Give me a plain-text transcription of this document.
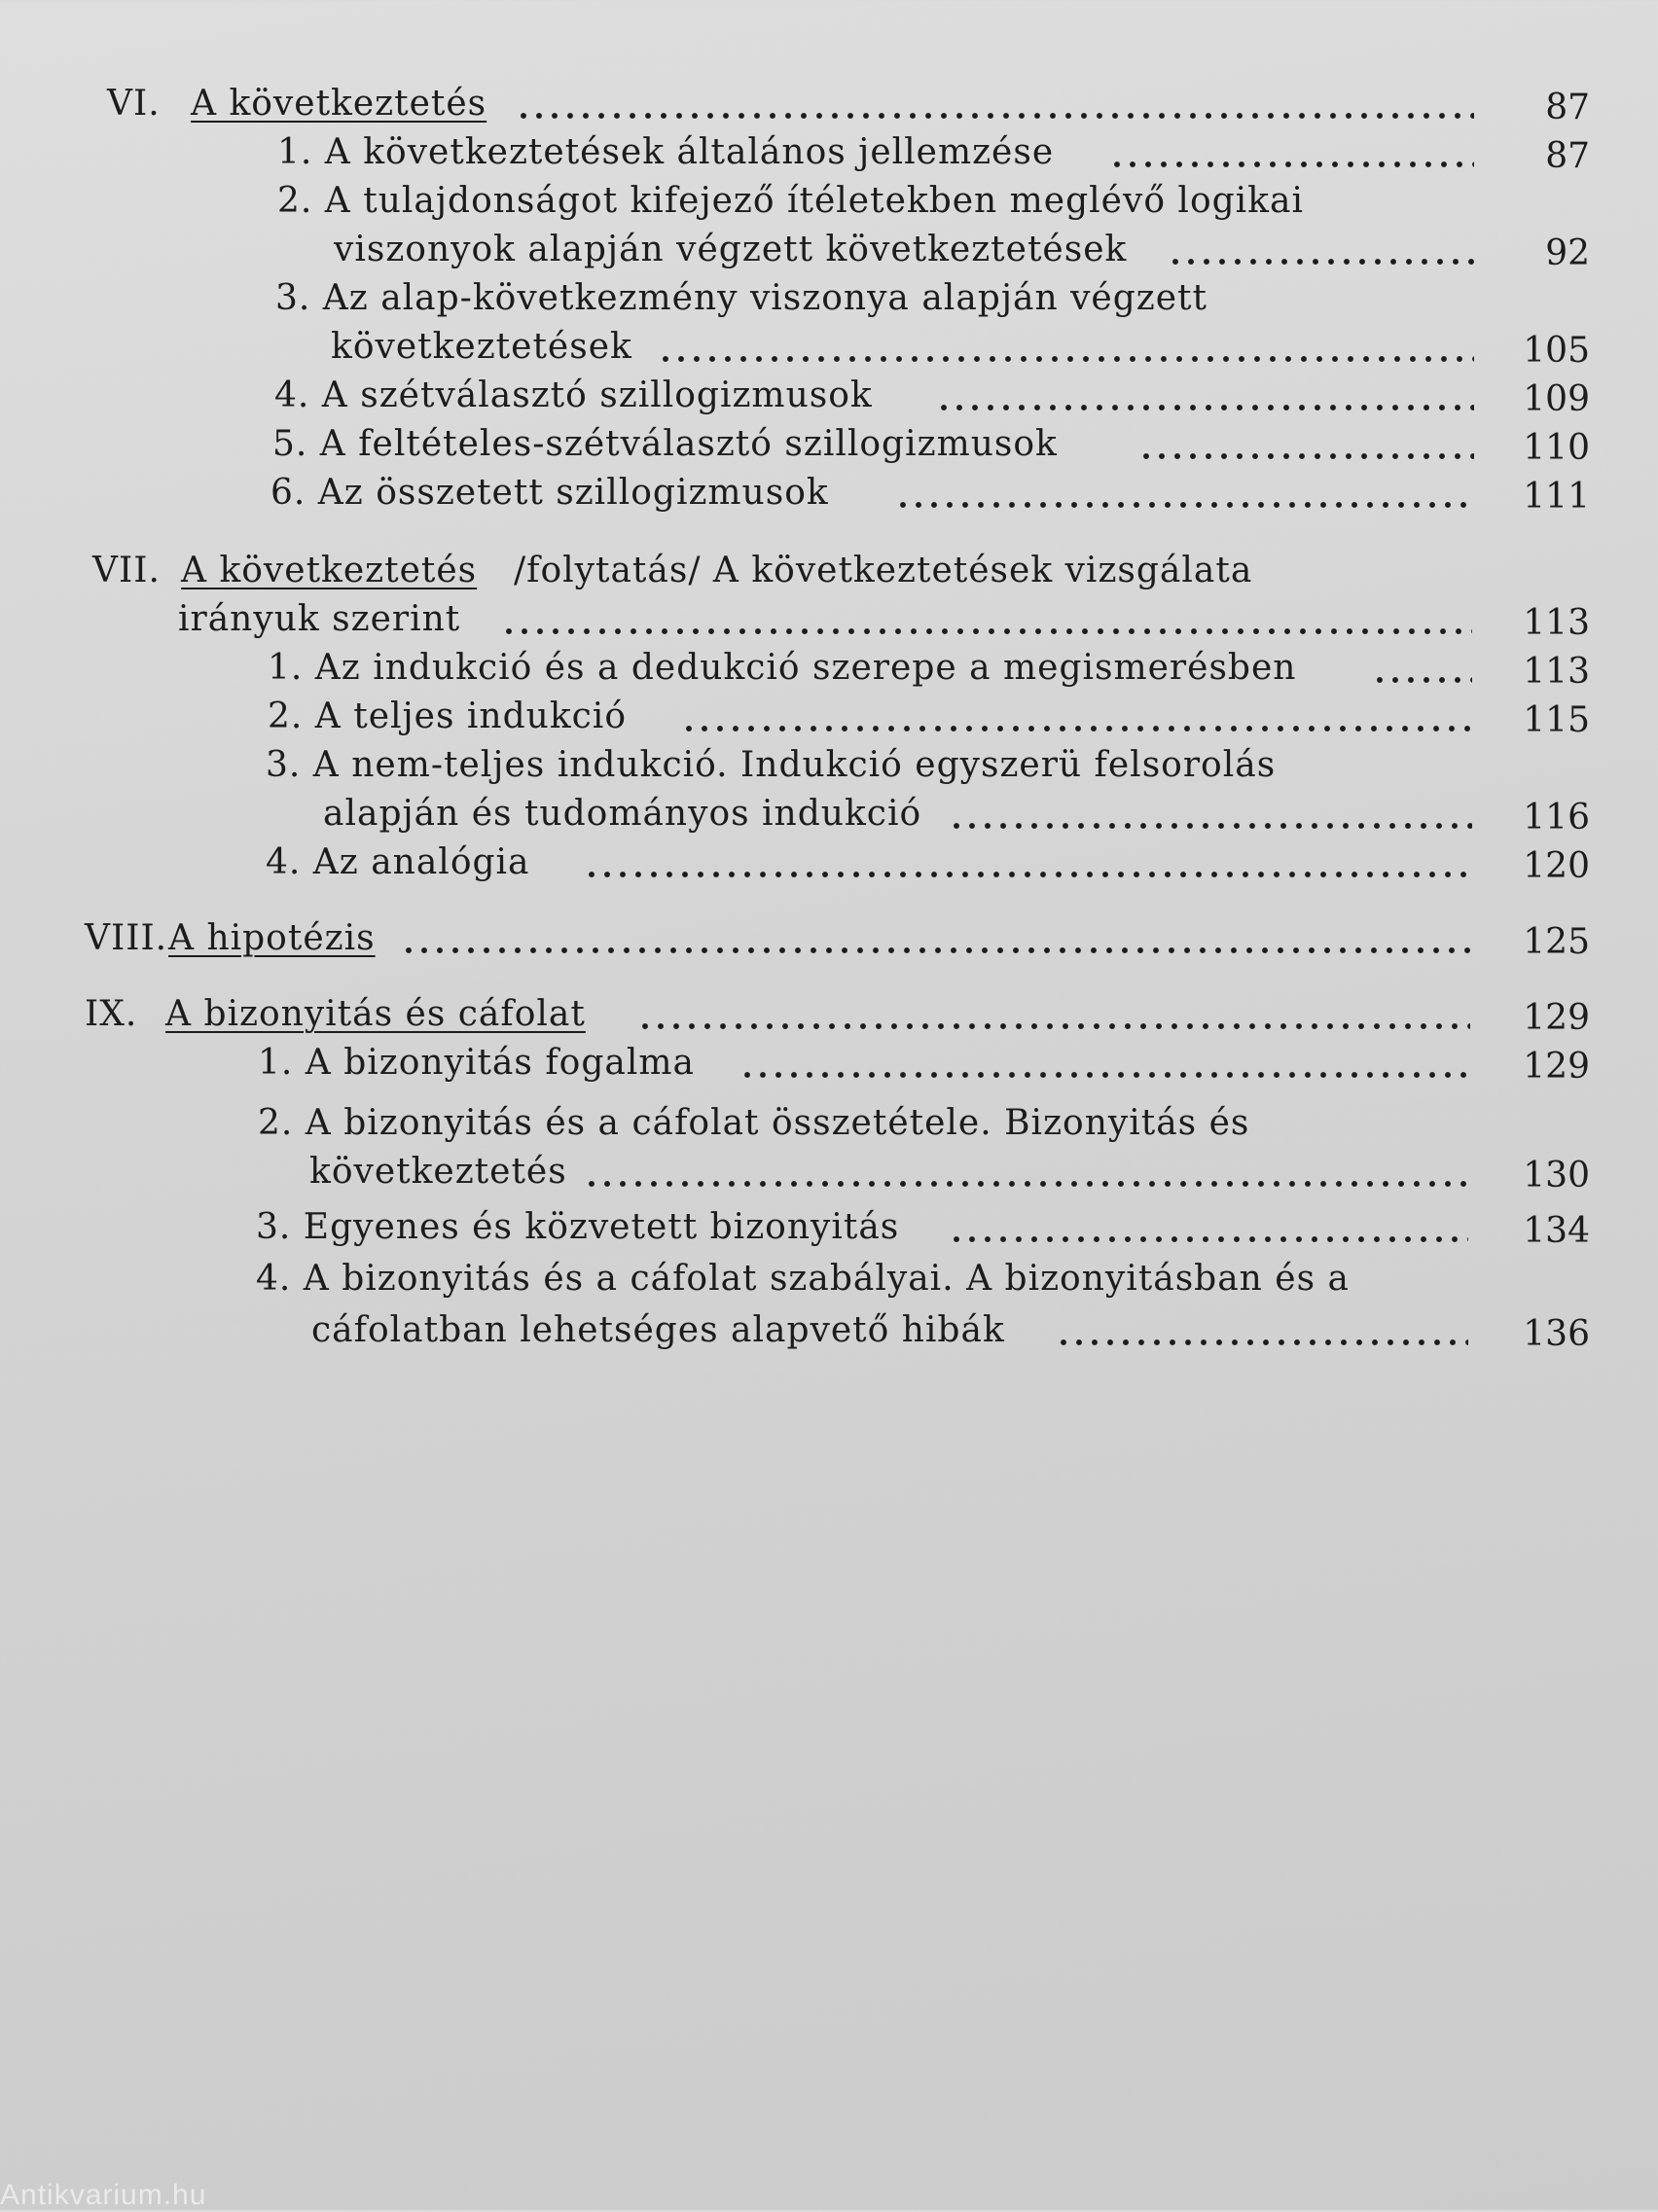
VI. A következtetés	87
1. A következtetések általános jellemzése	87
2. A tulajdonságot kifejező ítéletekben meglévő logikai
viszonyok alapján végzett következtetések	92
3. Az alap-következmény viszonya alapján végzett
következtetések	105
4. A szétválasztó szillogizmusok	109
5. A feltételes-szétválasztó szillogizmusok	110
6. Az összetett szillogizmusok	111
VII. A következtetés /folytatás/ A következtetések vizsgálata
irányuk szerint	113
1. Az indukció és a dedukció szerepe a megismerésben	113
2. A teljes indukció	115
3. A nem-teljes indukció. Indukció egyszerü felsorolás
alapján és tudományos indukció	116
4. Az analógia	120
VIII. A hipotézis	125
IX. A bizonyitás és cáfolat	129
1. A bizonyitás fogalma	129
2. A bizonyitás és a cáfolat összetétele. Bizonyitás és
következtetés	130
3. Egyenes és közvetett bizonyitás	134
4. A bizonyitás és a cáfolat szabályai. A bizonyitásban és a
cáfolatban lehetséges alapvető hibák	136
Antikvarium.hu
